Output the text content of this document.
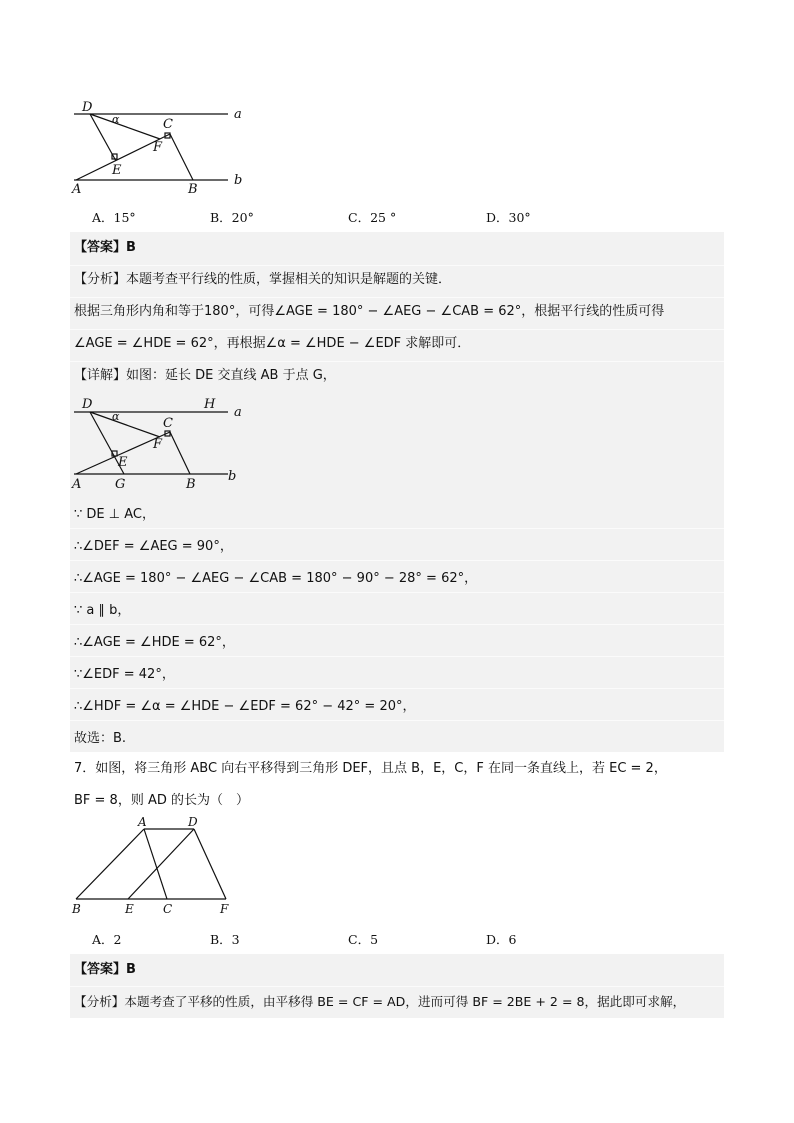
D
α	C
F
E
A	B
a
b
A．15°	B．20°	C．25 °	D．30°
【答案】B
【分析】本题考查平行线的性质，掌握相关的知识是解题的关键．
根据三角形内角和等于180°，可得∠AGE = 180° − ∠AEG − ∠CAB = 62°，根据平行线的性质可得
∠AGE = ∠HDE = 62°，再根据∠α = ∠HDE − ∠EDF 求解即可．
【详解】如图：延长 DE 交直线 AB 于点 G，
D	H
α	C
F
E
A	G	B
a
b
∵ DE ⊥ AC，
∴∠DEF = ∠AEG = 90°，
∴∠AGE = 180° − ∠AEG − ∠CAB = 180° − 90° − 28° = 62°，
∵ a ∥ b，
∴∠AGE = ∠HDE = 62°，
∵∠EDF = 42°，
∴∠HDF = ∠α = ∠HDE − ∠EDF = 62° − 42° = 20°，
故选：B.
7．如图，将三角形 ABC 向右平移得到三角形 DEF，且点 B，E，C，F 在同一条直线上，若 EC = 2，
BF = 8，则 AD 的长为（　）
A	D
B	E C	F
A．2	B．3	C．5	D．6
【答案】B
【分析】本题考查了平移的性质，由平移得 BE = CF = AD，进而可得 BF = 2BE + 2 = 8，据此即可求解，
